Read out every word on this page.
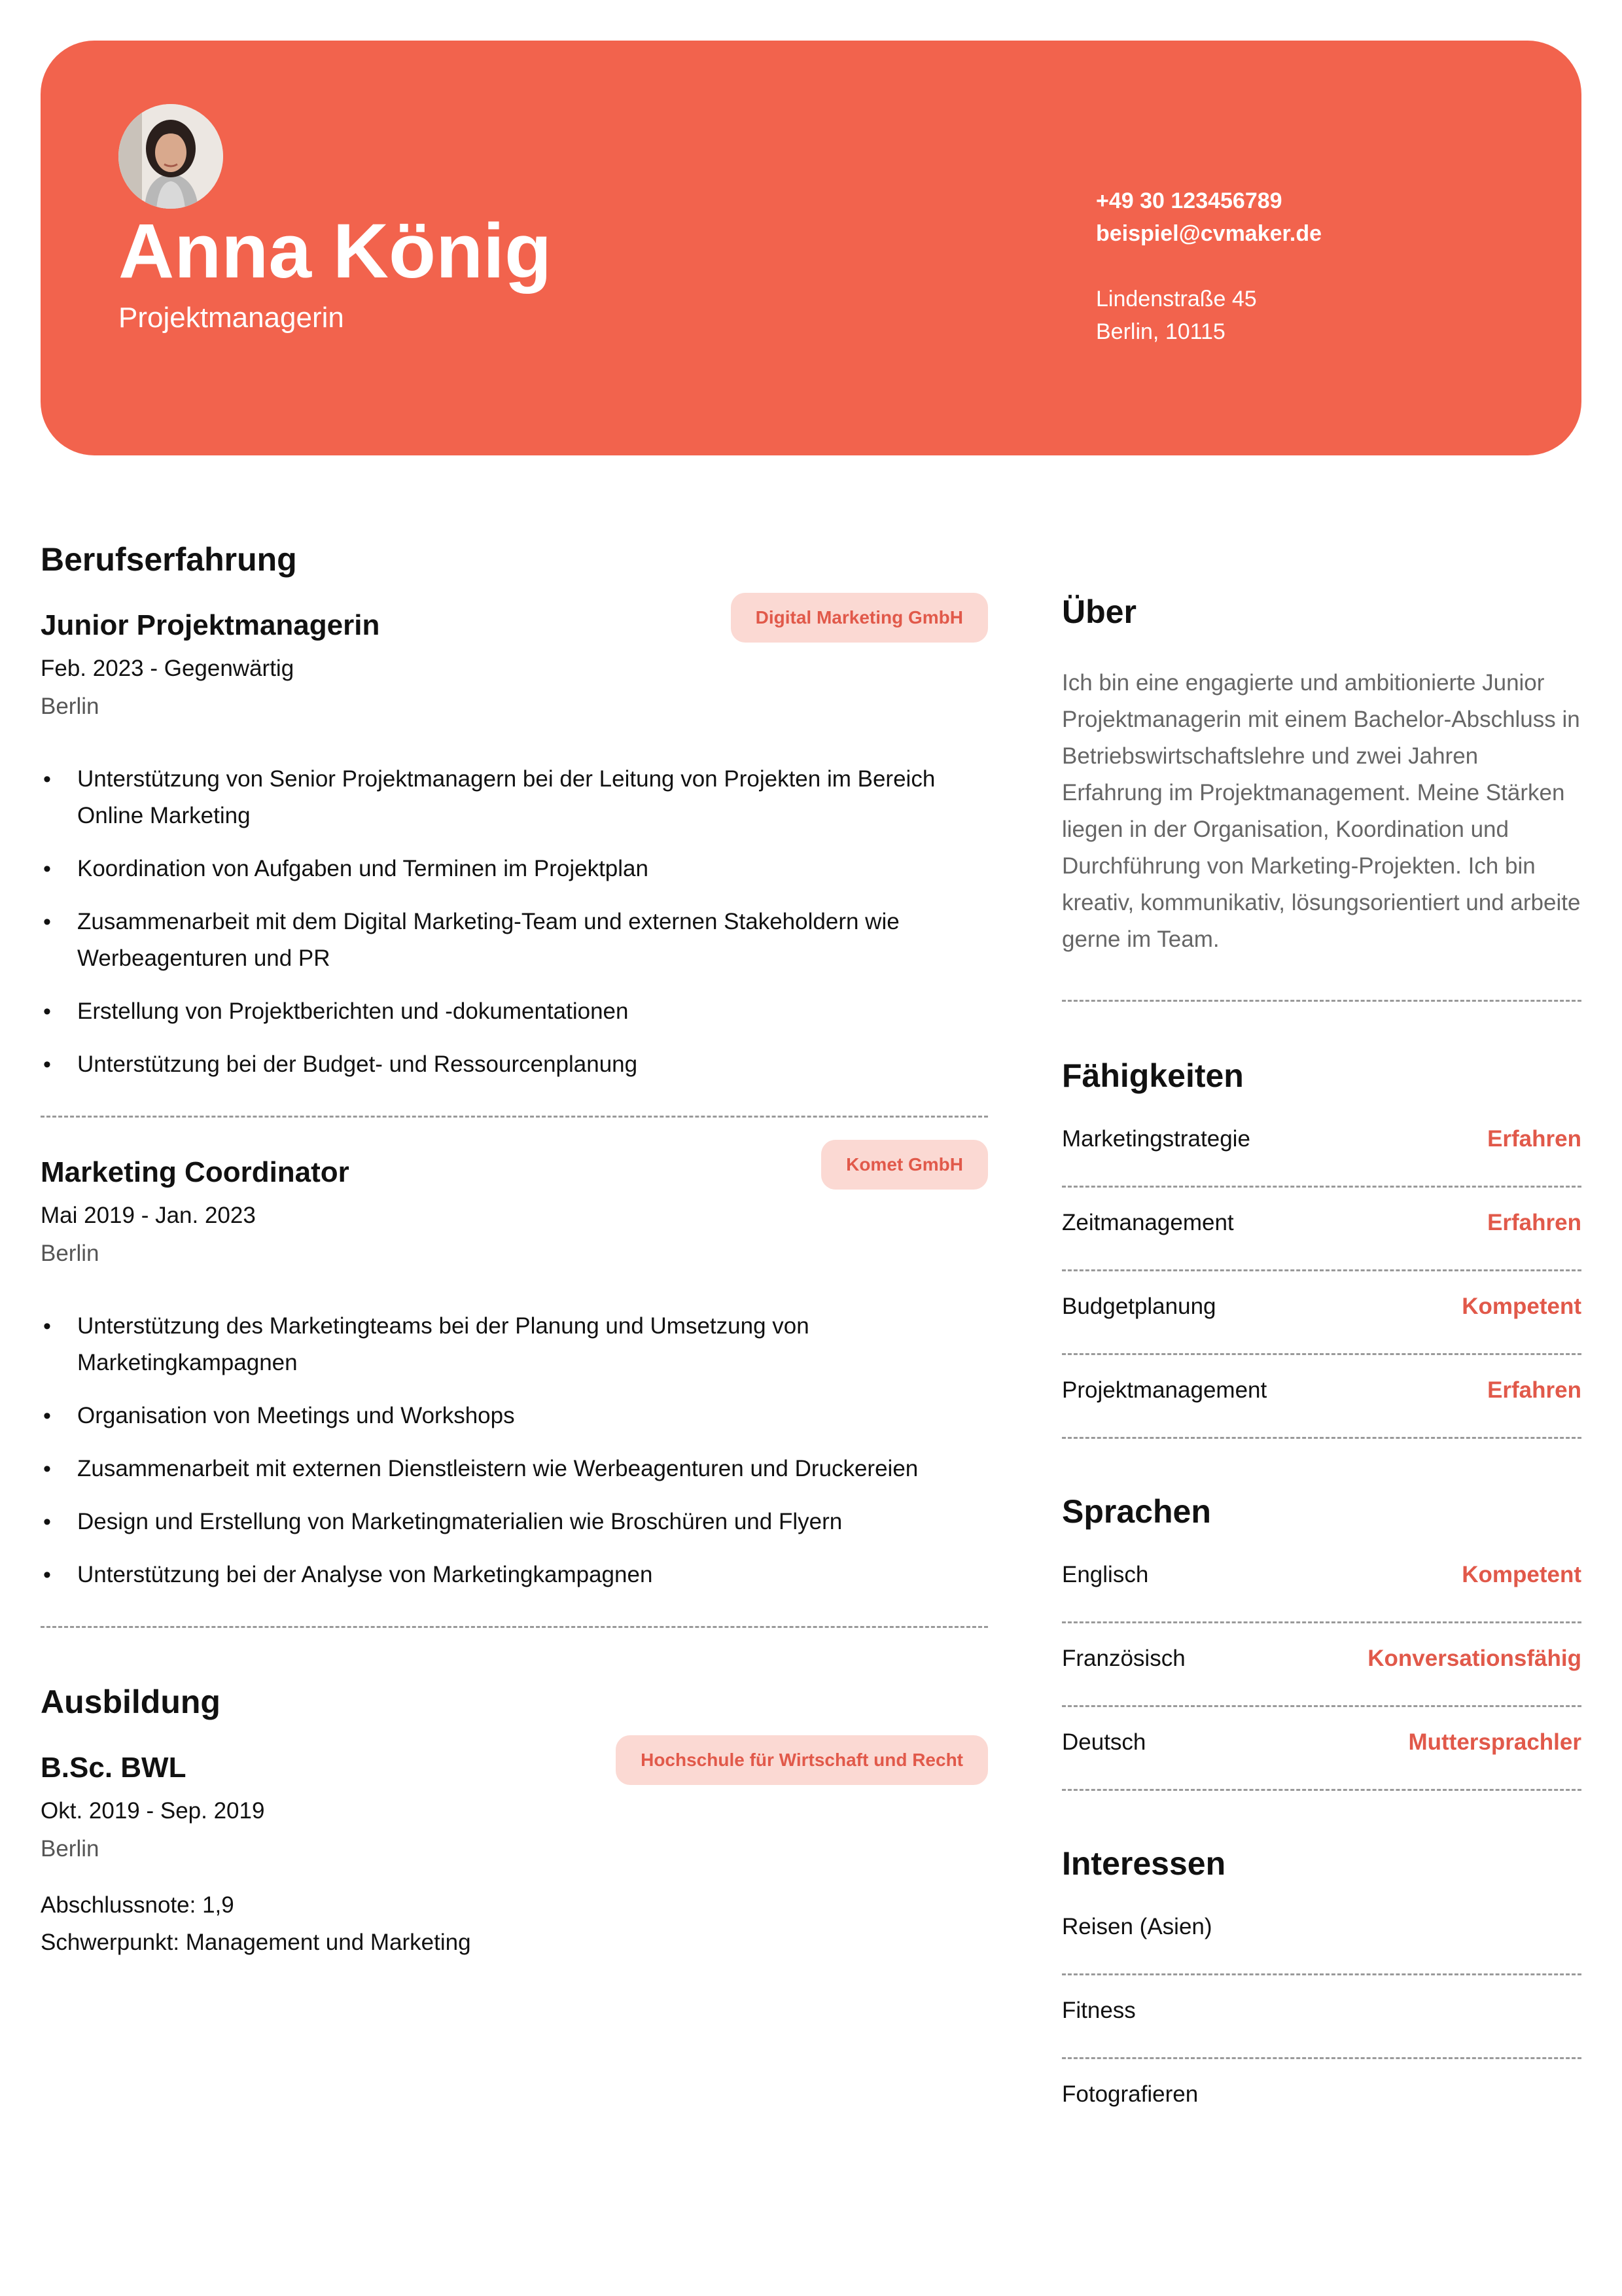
Anna König
Projektmanagerin
+49 30 123456789
beispiel@cvmaker.de
Lindenstraße 45
Berlin, 10115
Berufserfahrung
Junior Projektmanagerin	Digital Marketing GmbH
Feb. 2023 - Gegenwärtig
Berlin
• Unterstützung von Senior Projektmanagern bei der Leitung von Projekten im Bereich Online Marketing
• Koordination von Aufgaben und Terminen im Projektplan
• Zusammenarbeit mit dem Digital Marketing-Team und externen Stakeholdern wie Werbeagenturen und PR
• Erstellung von Projektberichten und -dokumentationen
• Unterstützung bei der Budget- und Ressourcenplanung
Marketing Coordinator	Komet GmbH
Mai 2019 - Jan. 2023
Berlin
• Unterstützung des Marketingteams bei der Planung und Umsetzung von Marketingkampagnen
• Organisation von Meetings und Workshops
• Zusammenarbeit mit externen Dienstleistern wie Werbeagenturen und Druckereien
• Design und Erstellung von Marketingmaterialien wie Broschüren und Flyern
• Unterstützung bei der Analyse von Marketingkampagnen
Ausbildung
B.Sc. BWL	Hochschule für Wirtschaft und Recht
Okt. 2019 - Sep. 2019
Berlin
Abschlussnote: 1,9
Schwerpunkt: Management und Marketing
Über
Ich bin eine engagierte und ambitionierte Junior Projektmanagerin mit einem Bachelor-Abschluss in Betriebswirtschaftslehre und zwei Jahren Erfahrung im Projektmanagement. Meine Stärken liegen in der Organisation, Koordination und Durchführung von Marketing-Projekten. Ich bin kreativ, kommunikativ, lösungsorientiert und arbeite gerne im Team.
Fähigkeiten
Marketingstrategie	Erfahren
Zeitmanagement	Erfahren
Budgetplanung	Kompetent
Projektmanagement	Erfahren
Sprachen
Englisch	Kompetent
Französisch	Konversationsfähig
Deutsch	Muttersprachler
Interessen
Reisen (Asien)
Fitness
Fotografieren
